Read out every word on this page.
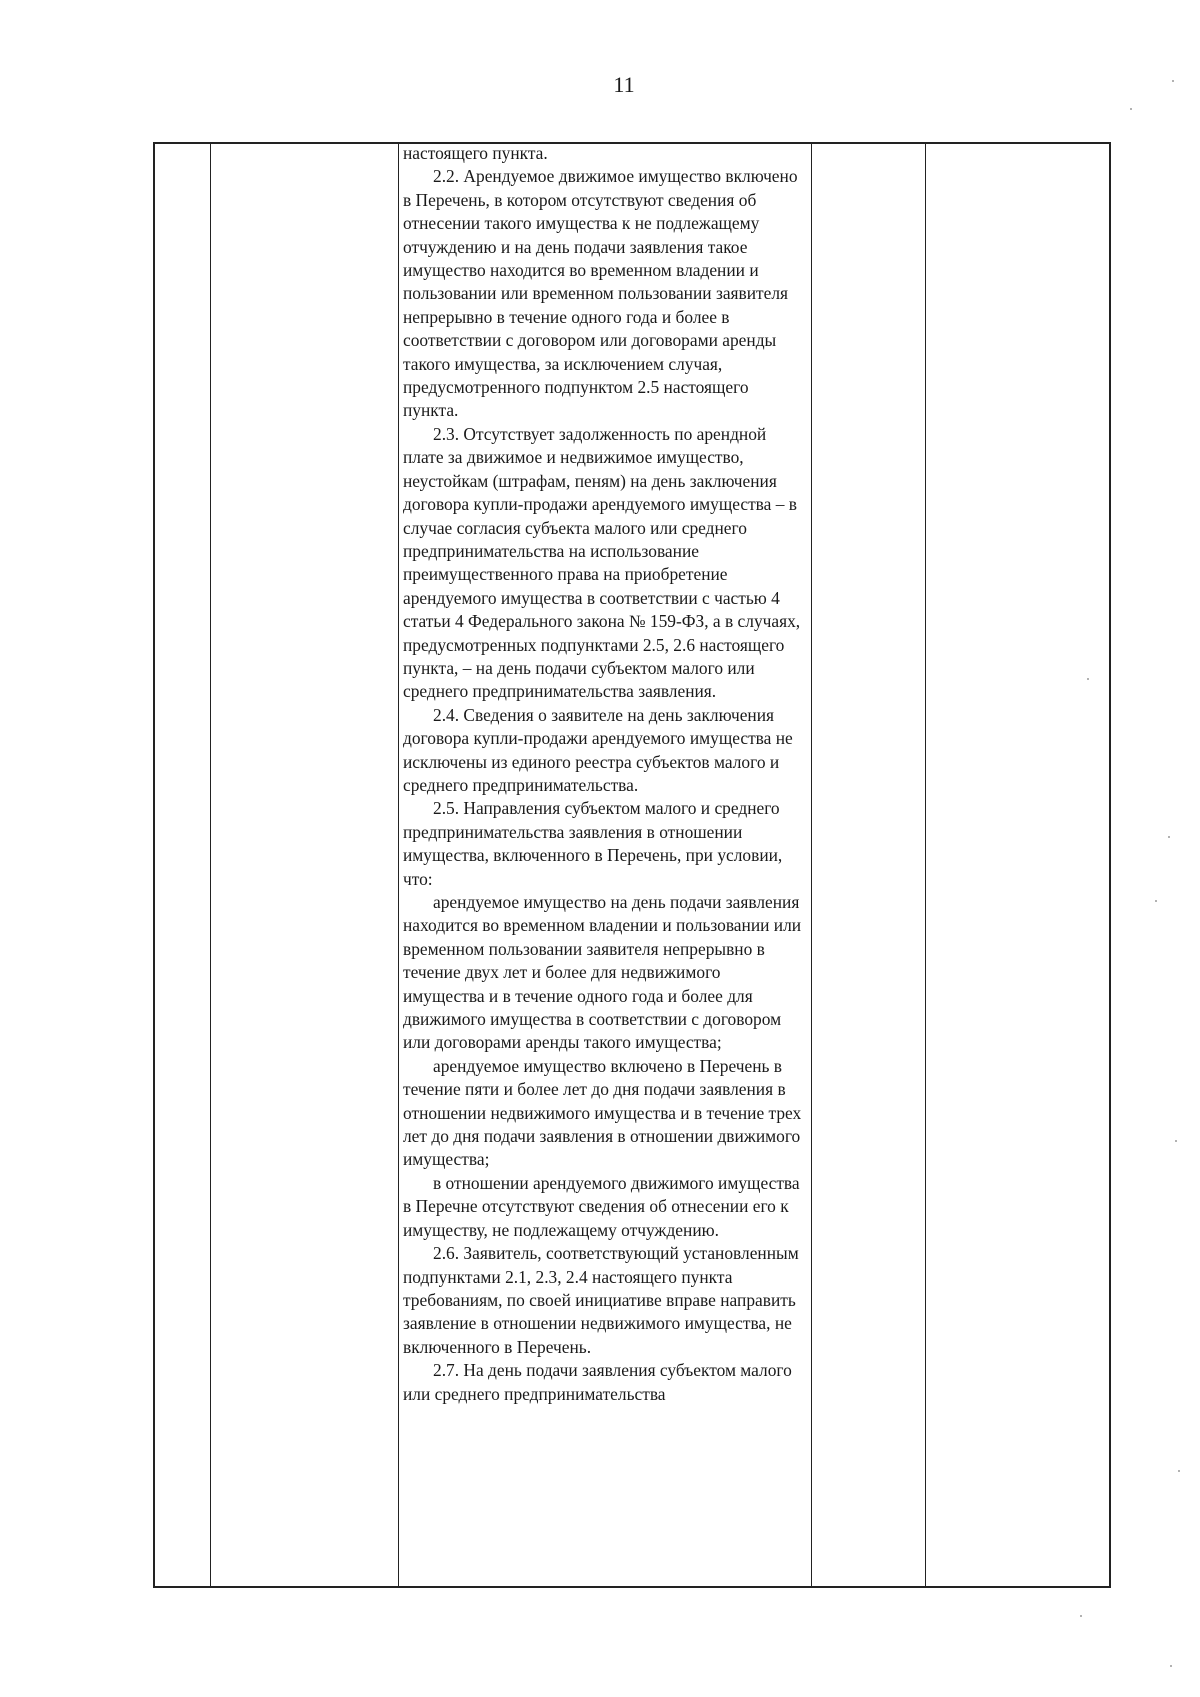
11

настоящего пункта.

2.2. Арендуемое движимое имущество включено в Перечень, в котором отсутствуют сведения об отнесении такого имущества к не подлежащему отчуждению и на день подачи заявления такое имущество находится во временном владении и пользовании или временном пользовании заявителя непрерывно в течение одного года и более в соответствии с договором или договорами аренды такого имущества, за исключением случая, предусмотренного подпунктом 2.5 настоящего пункта.

2.3. Отсутствует задолженность по арендной плате за движимое и недвижимое имущество, неустойкам (штрафам, пеням) на день заключения договора купли-продажи арендуемого имущества – в случае согласия субъекта малого или среднего предпринимательства на использование преимущественного права на приобретение арендуемого имущества в соответствии с частью 4 статьи 4 Федерального закона № 159-ФЗ, а в случаях, предусмотренных подпунктами 2.5, 2.6 настоящего пункта, – на день подачи субъектом малого или среднего предпринимательства заявления.

2.4. Сведения о заявителе на день заключения договора купли-продажи арендуемого имущества не исключены из единого реестра субъектов малого и среднего предпринимательства.

2.5. Направления субъектом малого и среднего предпринимательства заявления в отношении имущества, включенного в Перечень, при условии, что:

арендуемое имущество на день подачи заявления находится во временном владении и пользовании или временном пользовании заявителя непрерывно в течение двух лет и более для недвижимого имущества и в течение одного года и более для движимого имущества в соответствии с договором или договорами аренды такого имущества;

арендуемое имущество включено в Перечень в течение пяти и более лет до дня подачи заявления в отношении недвижимого имущества и в течение трех лет до дня подачи заявления в отношении движимого имущества;

в отношении арендуемого движимого имущества в Перечне отсутствуют сведения об отнесении его к имуществу, не подлежащему отчуждению.

2.6. Заявитель, соответствующий установленным подпунктами 2.1, 2.3, 2.4 настоящего пункта требованиям, по своей инициативе вправе направить заявление в отношении недвижимого имущества, не включенного в Перечень.

2.7. На день подачи заявления субъектом малого или среднего предпринимательства
